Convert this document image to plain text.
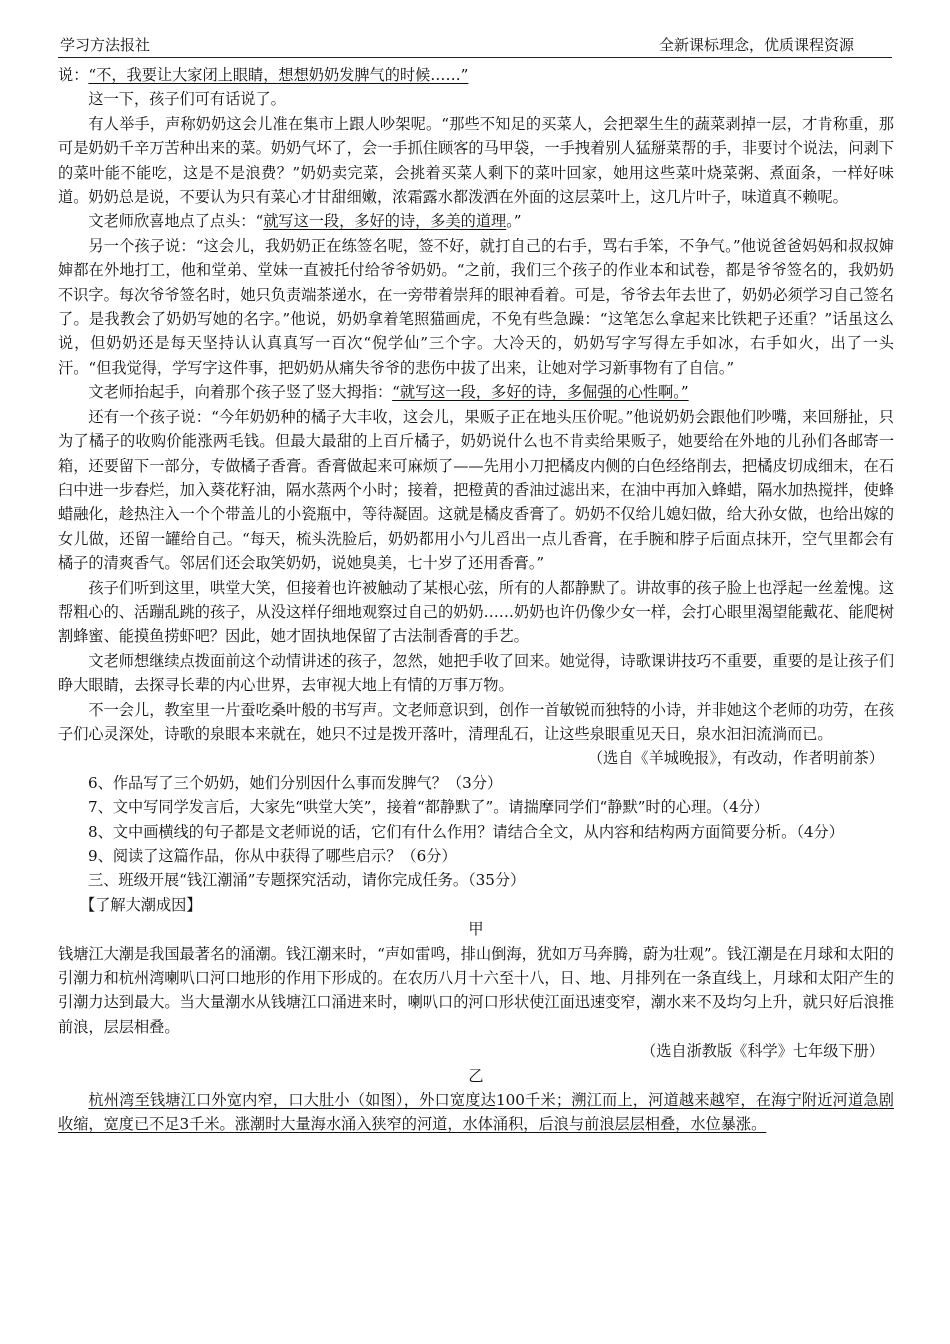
学习方法报社	全新课标理念，优质课程资源

说：“不，我要让大家闭上眼睛，想想奶奶发脾气的时候……”

这一下，孩子们可有话说了。

有人举手，声称奶奶这会儿准在集市上跟人吵架呢。“那些不知足的买菜人，会把翠生生的蔬菜剥掉一层，才肯称重，那可是奶奶千辛万苦种出来的菜。奶奶气坏了，会一手抓住顾客的马甲袋，一手拽着别人猛掰菜帮的手，非要讨个说法，问剥下的菜叶能不能吃，这是不是浪费？”奶奶卖完菜，会挑着买菜人剩下的菜叶回家，她用这些菜叶烧菜粥、煮面条，一样好味道。奶奶总是说，不要认为只有菜心才甘甜细嫩，浓霜露水都泼洒在外面的这层菜叶上，这几片叶子，味道真不赖呢。

文老师欣喜地点了点头：“就写这一段，多好的诗，多美的道理。”

另一个孩子说：“这会儿，我奶奶正在练签名呢，签不好，就打自己的右手，骂右手笨，不争气。”他说爸爸妈妈和叔叔婶婶都在外地打工，他和堂弟、堂妹一直被托付给爷爷奶奶。“之前，我们三个孩子的作业本和试卷，都是爷爷签名的，我奶奶不识字。每次爷爷签名时，她只负责端茶递水，在一旁带着崇拜的眼神看着。可是，爷爷去年去世了，奶奶必须学习自己签名了。是我教会了奶奶写她的名字。”他说，奶奶拿着笔照猫画虎，不免有些急躁：“这笔怎么拿起来比铁耙子还重？”话虽这么说，但奶奶还是每天坚持认认真真写一百次“倪学仙”三个字。大冷天的，奶奶写字写得左手如冰，右手如火，出了一头汗。“但我觉得，学写字这件事，把奶奶从痛失爷爷的悲伤中拔了出来，让她对学习新事物有了自信。”

文老师抬起手，向着那个孩子竖了竖大拇指：“就写这一段，多好的诗，多倔强的心性啊。”

还有一个孩子说：“今年奶奶种的橘子大丰收，这会儿，果贩子正在地头压价呢。”他说奶奶会跟他们吵嘴，来回掰扯，只为了橘子的收购价能涨两毛钱。但最大最甜的上百斤橘子，奶奶说什么也不肯卖给果贩子，她要给在外地的儿孙们各邮寄一箱，还要留下一部分，专做橘子香膏。香膏做起来可麻烦了——先用小刀把橘皮内侧的白色经络削去，把橘皮切成细末，在石臼中进一步舂烂，加入葵花籽油，隔水蒸两个小时；接着，把橙黄的香油过滤出来，在油中再加入蜂蜡，隔水加热搅拌，使蜂蜡融化，趁热注入一个个带盖儿的小瓷瓶中，等待凝固。这就是橘皮香膏了。奶奶不仅给儿媳妇做，给大孙女做，也给出嫁的女儿做，还留一罐给自己。“每天，梳头洗脸后，奶奶都用小勺儿舀出一点儿香膏，在手腕和脖子后面点抹开，空气里都会有橘子的清爽香气。邻居们还会取笑奶奶，说她臭美，七十岁了还用香膏。”

孩子们听到这里，哄堂大笑，但接着也许被触动了某根心弦，所有的人都静默了。讲故事的孩子脸上也浮起一丝羞愧。这帮粗心的、活蹦乱跳的孩子，从没这样仔细地观察过自己的奶奶……奶奶也许仍像少女一样，会打心眼里渴望能戴花、能爬树割蜂蜜、能摸鱼捞虾吧？因此，她才固执地保留了古法制香膏的手艺。

文老师想继续点拨面前这个动情讲述的孩子，忽然，她把手收了回来。她觉得，诗歌课讲技巧不重要，重要的是让孩子们睁大眼睛，去探寻长辈的内心世界，去审视大地上有情的万事万物。

不一会儿，教室里一片蚕吃桑叶般的书写声。文老师意识到，创作一首敏锐而独特的小诗，并非她这个老师的功劳，在孩子们心灵深处，诗歌的泉眼本来就在，她只不过是拨开落叶，清理乱石，让这些泉眼重见天日，泉水汩汩流淌而已。

（选自《羊城晚报》，有改动，作者明前茶）

6、作品写了三个奶奶，她们分别因什么事而发脾气？（3分）

7、文中写同学发言后，大家先“哄堂大笑”，接着“都静默了”。请揣摩同学们“静默”时的心理。（4分）

8、文中画横线的句子都是文老师说的话，它们有什么作用？请结合全文，从内容和结构两方面简要分析。（4分）

9、阅读了这篇作品，你从中获得了哪些启示？（6分）

三、班级开展“钱江潮涌”专题探究活动，请你完成任务。（35分）

【了解大潮成因】

甲

钱塘江大潮是我国最著名的涌潮。钱江潮来时，“声如雷鸣，排山倒海，犹如万马奔腾，蔚为壮观”。钱江潮是在月球和太阳的引潮力和杭州湾喇叭口河口地形的作用下形成的。在农历八月十六至十八，日、地、月排列在一条直线上，月球和太阳产生的引潮力达到最大。当大量潮水从钱塘江口涌进来时，喇叭口的河口形状使江面迅速变窄，潮水来不及均匀上升，就只好后浪推前浪，层层相叠。

（选自浙教版《科学》七年级下册）

乙

杭州湾至钱塘江口外宽内窄，口大肚小（如图），外口宽度达100千米；溯江而上，河道越来越窄，在海宁附近河道急剧收缩，宽度已不足3千米。涨潮时大量海水涌入狭窄的河道，水体涌积，后浪与前浪层层相叠，水位暴涨。
